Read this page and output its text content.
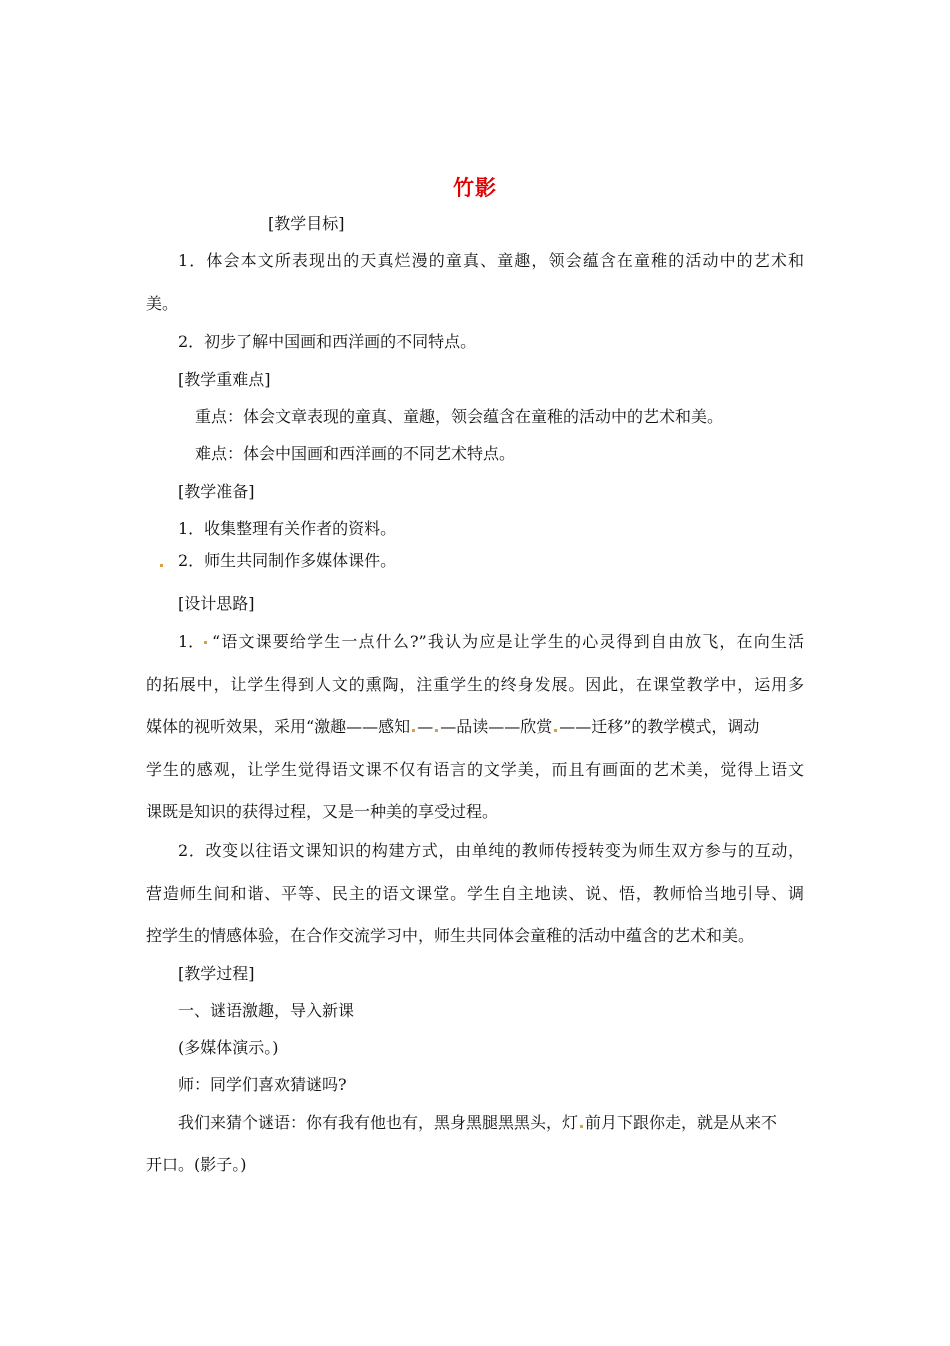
竹影
[教学目标]
1．体会本文所表现出的天真烂漫的童真、童趣，领会蕴含在童稚的活动中的艺术和
美。
2．初步了解中国画和西洋画的不同特点。
[教学重难点]
重点：体会文章表现的童真、童趣，领会蕴含在童稚的活动中的艺术和美。
难点：体会中国画和西洋画的不同艺术特点。
[教学准备]
1．收集整理有关作者的资料。
2．师生共同制作多媒体课件。
[设计思路]
1． “语文课要给学生一点什么?”我认为应是让学生的心灵得到自由放飞，在向生活
的拓展中，让学生得到人文的熏陶，注重学生的终身发展。因此，在课堂教学中，运用多
媒体的视听效果，采用“激趣——感知 — —品读——欣赏 ——迁移”的教学模式，调动
学生的感观，让学生觉得语文课不仅有语言的文学美，而且有画面的艺术美，觉得上语文
课既是知识的获得过程，又是一种美的享受过程。
2．改变以往语文课知识的构建方式，由单纯的教师传授转变为师生双方参与的互动，
营造师生间和谐、平等、民主的语文课堂。学生自主地读、说、悟，教师恰当地引导、调
控学生的情感体验，在合作交流学习中，师生共同体会童稚的活动中蕴含的艺术和美。
[教学过程]
一、谜语激趣，导入新课
(多媒体演示。)
师：同学们喜欢猜谜吗?
我们来猜个谜语：你有我有他也有，黑身黑腿黑黑头，灯 前月下跟你走，就是从来不
开口。(影子。)
